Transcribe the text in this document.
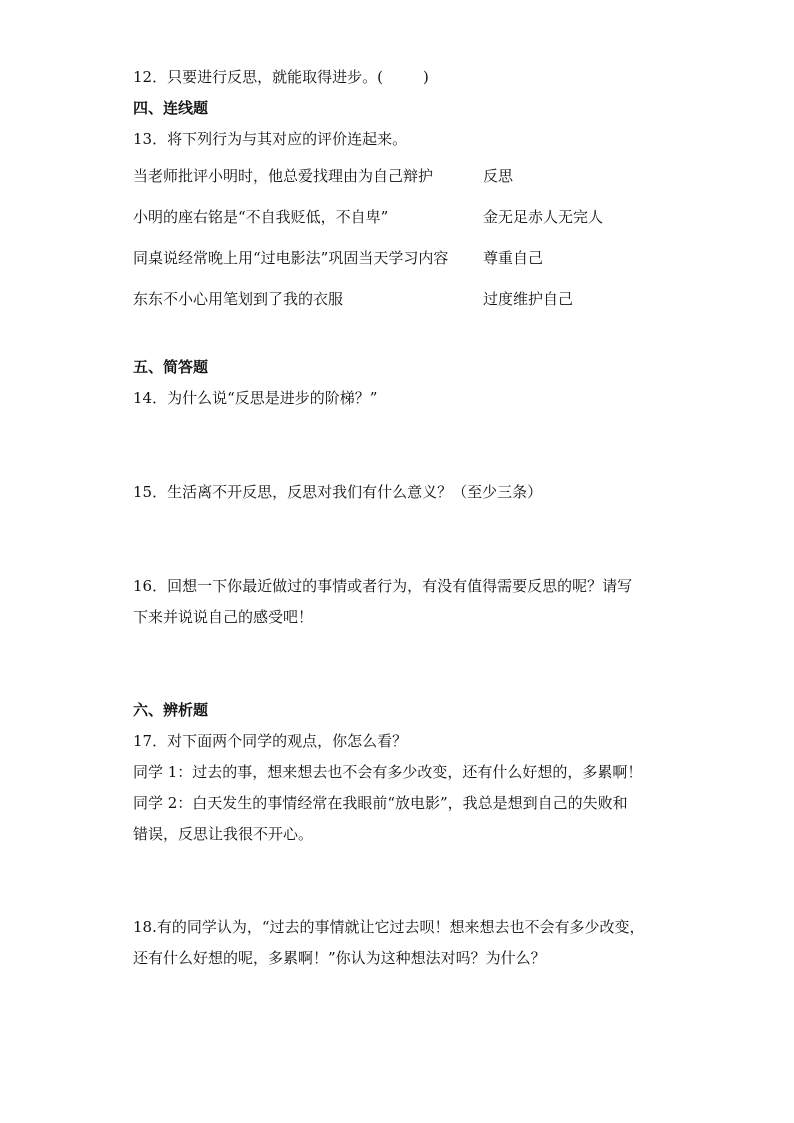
12．只要进行反思，就能取得进步。(	)
四、连线题
13．将下列行为与其对应的评价连起来。
当老师批评小明时，他总爱找理由为自己辩护	反思
小明的座右铭是“不自我贬低，不自卑”	金无足赤人无完人
同桌说经常晚上用“过电影法”巩固当天学习内容 尊重自己
东东不小心用笔划到了我的衣服	过度维护自己
五、简答题
14．为什么说“反思是进步的阶梯？”
15．生活离不开反思，反思对我们有什么意义？（至少三条）
16．回想一下你最近做过的事情或者行为，有没有值得需要反思的呢？请写
下来并说说自己的感受吧！
六、辨析题
17．对下面两个同学的观点，你怎么看？
同学 1：过去的事，想来想去也不会有多少改变，还有什么好想的，多累啊！
同学 2：白天发生的事情经常在我眼前“放电影”，我总是想到自己的失败和
错误，反思让我很不开心。
18.有的同学认为，“过去的事情就让它过去呗！想来想去也不会有多少改变，
还有什么好想的呢，多累啊！”你认为这种想法对吗？为什么？
